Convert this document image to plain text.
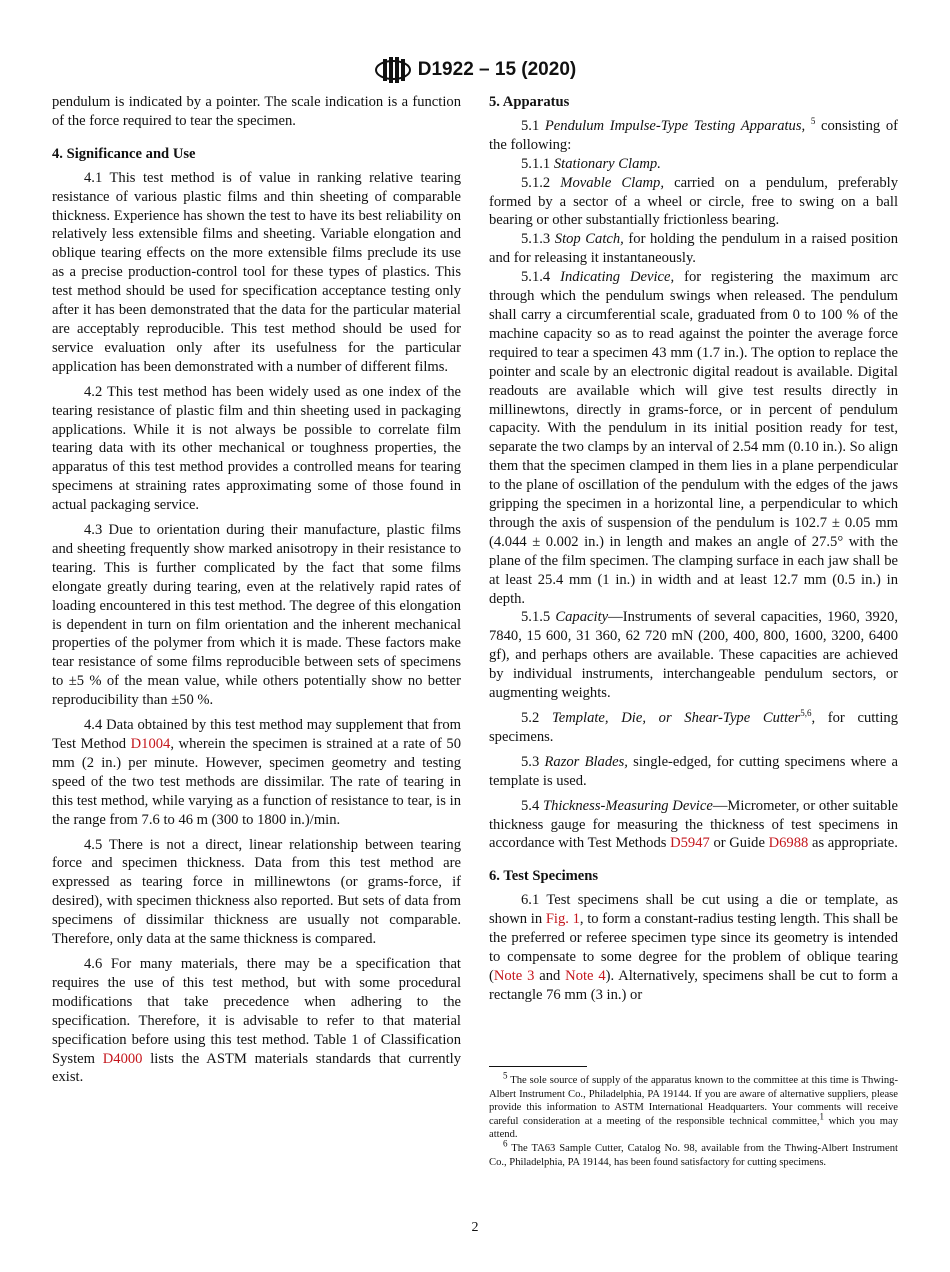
D1922 – 15 (2020)

pendulum is indicated by a pointer. The scale indication is a function of the force required to tear the specimen.

4. Significance and Use

4.1 This test method is of value in ranking relative tearing resistance of various plastic films and thin sheeting of comparable thickness. Experience has shown the test to have its best reliability on relatively less extensible films and sheeting. Variable elongation and oblique tearing effects on the more extensible films preclude its use as a precise production-control tool for these types of plastics. This test method should be used for specification acceptance testing only after it has been demonstrated that the data for the particular material are acceptably reproducible. This test method should be used for service evaluation only after its usefulness for the particular application has been demonstrated with a number of different films.

4.2 This test method has been widely used as one index of the tearing resistance of plastic film and thin sheeting used in packaging applications. While it is not always be possible to correlate film tearing data with its other mechanical or toughness properties, the apparatus of this test method provides a controlled means for tearing specimens at straining rates approximating some of those found in actual packaging service.

4.3 Due to orientation during their manufacture, plastic films and sheeting frequently show marked anisotropy in their resistance to tearing. This is further complicated by the fact that some films elongate greatly during tearing, even at the relatively rapid rates of loading encountered in this test method. The degree of this elongation is dependent in turn on film orientation and the inherent mechanical properties of the polymer from which it is made. These factors make tear resistance of some films reproducible between sets of specimens to ±5 % of the mean value, while others potentially show no better reproducibility than ±50 %.

4.4 Data obtained by this test method may supplement that from Test Method D1004, wherein the specimen is strained at a rate of 50 mm (2 in.) per minute. However, specimen geometry and testing speed of the two test methods are dissimilar. The rate of tearing in this test method, while varying as a function of resistance to tear, is in the range from 7.6 to 46 m (300 to 1800 in.)/min.

4.5 There is not a direct, linear relationship between tearing force and specimen thickness. Data from this test method are expressed as tearing force in millinewtons (or grams-force, if desired), with specimen thickness also reported. But sets of data from specimens of dissimilar thickness are usually not comparable. Therefore, only data at the same thickness is compared.

4.6 For many materials, there may be a specification that requires the use of this test method, but with some procedural modifications that take precedence when adhering to the specification. Therefore, it is advisable to refer to that material specification before using this test method. Table 1 of Classification System D4000 lists the ASTM materials standards that currently exist.

5. Apparatus

5.1 Pendulum Impulse-Type Testing Apparatus, $^5$ consisting of the following:

5.1.1 Stationary Clamp.

5.1.2 Movable Clamp, carried on a pendulum, preferably formed by a sector of a wheel or circle, free to swing on a ball bearing or other substantially frictionless bearing.

5.1.3 Stop Catch, for holding the pendulum in a raised position and for releasing it instantaneously.

5.1.4 Indicating Device, for registering the maximum arc through which the pendulum swings when released. The pendulum shall carry a circumferential scale, graduated from 0 to 100 % of the machine capacity so as to read against the pointer the average force required to tear a specimen 43 mm (1.7 in.). The option to replace the pointer and scale by an electronic digital readout is available. Digital readouts are available which will give test results directly in millinewtons, directly in grams-force, or in percent of pendulum capacity. With the pendulum in its initial position ready for test, separate the two clamps by an interval of 2.54 mm (0.10 in.). So align them that the specimen clamped in them lies in a plane perpendicular to the plane of oscillation of the pendulum with the edges of the jaws gripping the specimen in a horizontal line, a perpendicular to which through the axis of suspension of the pendulum is 102.7 ± 0.05 mm (4.044 ± 0.002 in.) in length and makes an angle of 27.5° with the plane of the film specimen. The clamping surface in each jaw shall be at least 25.4 mm (1 in.) in width and at least 12.7 mm (0.5 in.) in depth.

5.1.5 Capacity—Instruments of several capacities, 1960, 3920, 7840, 15 600, 31 360, 62 720 mN (200, 400, 800, 1600, 3200, 6400 gf), and perhaps others are available. These capacities are achieved by individual instruments, interchangeable pendulum sectors, or augmenting weights.

5.2 Template, Die, or Shear-Type Cutter$^{5,6}$, for cutting specimens.

5.3 Razor Blades, single-edged, for cutting specimens where a template is used.

5.4 Thickness-Measuring Device—Micrometer, or other suitable thickness gauge for measuring the thickness of test specimens in accordance with Test Methods D5947 or Guide D6988 as appropriate.

6. Test Specimens

6.1 Test specimens shall be cut using a die or template, as shown in Fig. 1, to form a constant-radius testing length. This shall be the preferred or referee specimen type since its geometry is intended to compensate to some degree for the problem of oblique tearing (Note 3 and Note 4). Alternatively, specimens shall be cut to form a rectangle 76 mm (3 in.) or

$^5$ The sole source of supply of the apparatus known to the committee at this time is Thwing-Albert Instrument Co., Philadelphia, PA 19144. If you are aware of alternative suppliers, please provide this information to ASTM International Headquarters. Your comments will receive careful consideration at a meeting of the responsible technical committee,$^1$ which you may attend.

$^6$ The TA63 Sample Cutter, Catalog No. 98, available from the Thwing-Albert Instrument Co., Philadelphia, PA 19144, has been found satisfactory for cutting specimens.

2
